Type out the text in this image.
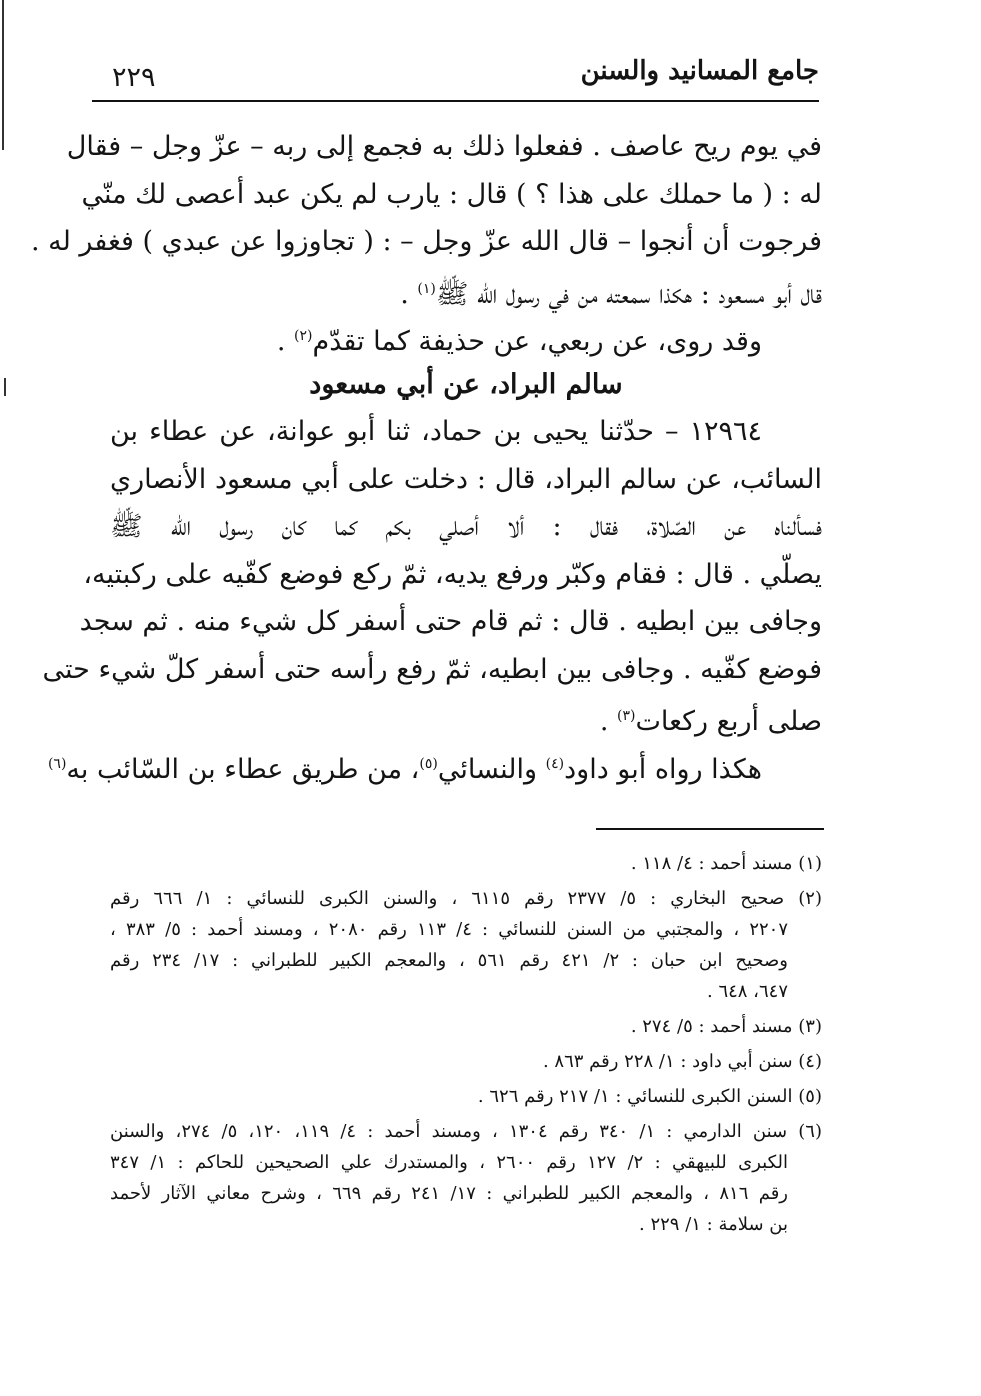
جامع المسانيد والسنن
٢٢٩
في يوم ريح عاصف . ففعلوا ذلك به فجمع إلى ربه – عزّ وجل – فقال
له : ( ما حملك على هذا ؟ ) قال : يارب لم يكن عبد أعصى لك منّي
فرجوت أن أنجوا – قال الله عزّ وجل – : ( تجاوزوا عن عبدي ) فغفر له .
قال أبو مسعود : هكذا سمعته من في رسول الله ﷺ$^{(١)}$ .
وقد روى، عن ربعي، عن حذيفة كما تقدّم$^{(٢)}$ .
سالم البراد، عن أبي مسعود
١٢٩٦٤ – حدّثنا يحيى بن حماد، ثنا أبو عوانة، عن عطاء بن
السائب، عن سالم البراد، قال : دخلت على أبي مسعود الأنصاري
فسألناه عن الصّلاة، فقال : ألا أصلي بكم كما كان رسول الله ﷺ
يصلّي . قال : فقام وكبّر ورفع يديه، ثمّ ركع فوضع كفّيه على ركبتيه،
وجافى بين ابطيه . قال : ثم قام حتى أسفر كل شيء منه . ثم سجد
فوضع كفّيه . وجافى بين ابطيه، ثمّ رفع رأسه حتى أسفر كلّ شيء حتى
صلى أربع ركعات$^{(٣)}$ .
هكذا رواه أبو داود$^{(٤)}$ والنسائي$^{(٥)}$، من طريق عطاء بن السّائب به$^{(٦)}$
(١) مسند أحمد : ٤/ ١١٨ .
(٢) صحيح البخاري : ٥/ ٢٣٧٧ رقم ٦١١٥ ، والسنن الكبرى للنسائي : ١/ ٦٦٦ رقم
٢٢٠٧ ، والمجتبي من السنن للنسائي : ٤/ ١١٣ رقم ٢٠٨٠ ، ومسند أحمد : ٥/ ٣٨٣ ،
وصحيح ابن حبان : ٢/ ٤٢١ رقم ٥٦١ ، والمعجم الكبير للطبراني : ١٧/ ٢٣٤ رقم
٦٤٧، ٦٤٨ .
(٣) مسند أحمد : ٥/ ٢٧٤ .
(٤) سنن أبي داود : ١/ ٢٢٨ رقم ٨٦٣ .
(٥) السنن الكبرى للنسائي : ١/ ٢١٧ رقم ٦٢٦ .
(٦) سنن الدارمي : ١/ ٣٤٠ رقم ١٣٠٤ ، ومسند أحمد : ٤/ ١١٩، ١٢٠، ٥/ ٢٧٤، والسنن
الكبرى للبيهقي : ٢/ ١٢٧ رقم ٢٦٠٠ ، والمستدرك علي الصحيحين للحاكم : ١/ ٣٤٧
رقم ٨١٦ ، والمعجم الكبير للطبراني : ١٧/ ٢٤١ رقم ٦٦٩ ، وشرح معاني الآثار لأحمد
بن سلامة : ١/ ٢٢٩ .
